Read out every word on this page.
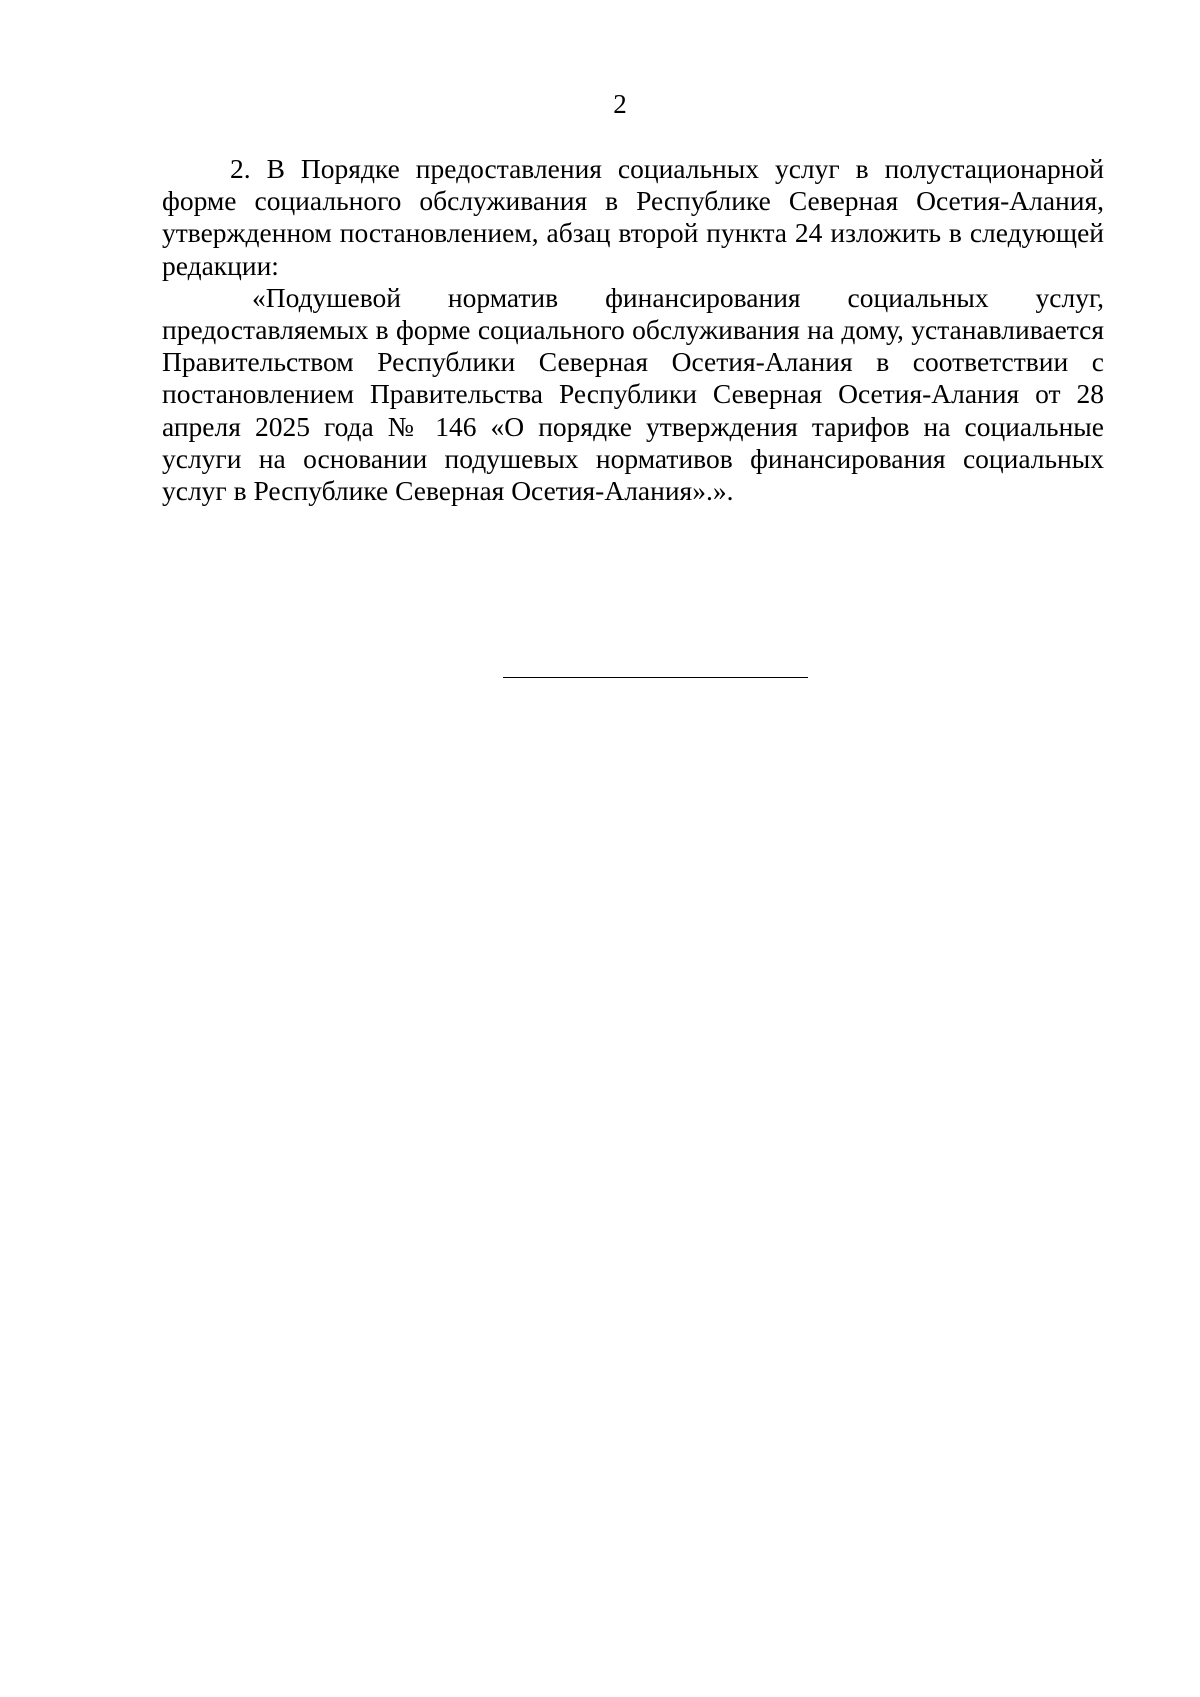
2

2. В Порядке предоставления социальных услуг в полустационарной форме социального обслуживания в Республике Северная Осетия-Алания, утвержденном постановлением, абзац второй пункта 24 изложить в следующей редакции:

«Подушевой норматив финансирования социальных услуг, предоставляемых в форме социального обслуживания на дому, устанавливается Правительством Республики Северная Осетия-Алания в соответствии с постановлением Правительства Республики Северная Осетия-Алания от 28 апреля 2025 года № 146 «О порядке утверждения тарифов на социальные услуги на основании подушевых нормативов финансирования социальных услуг в Республике Северная Осетия-Алания».».
